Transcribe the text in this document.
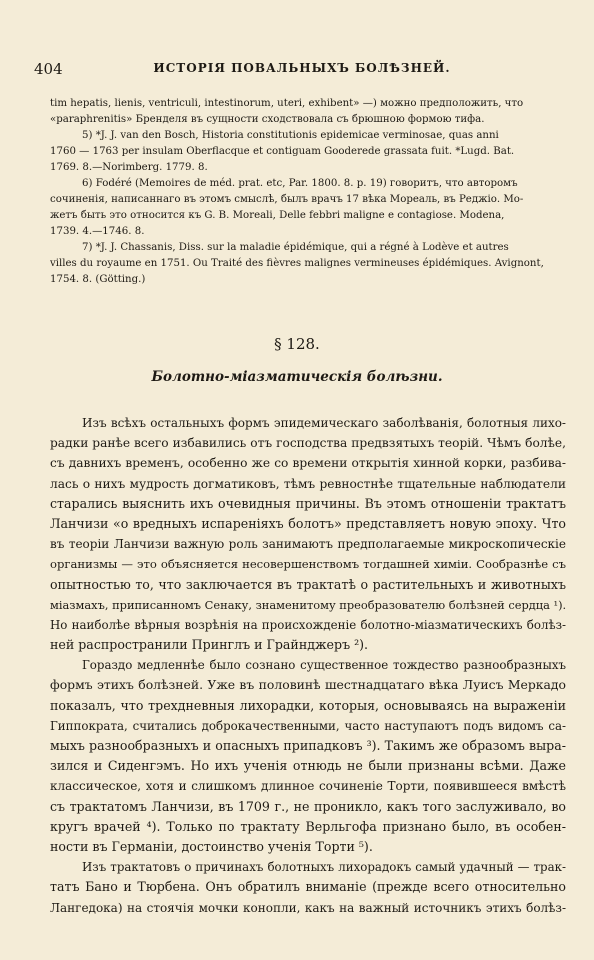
404	ИСТОРІЯ ПОВАЛЬНЫХЪ БОЛѢЗНЕЙ.
tim hepatis, lienis, ventriculi, intestinorum, uteri, exhibent» —) можно предположить, что
«paraphrenitis» Бренделя въ сущности сходствовала съ брюшною формою тифа.
5) *J. J. van den Bosch, Historia constitutionis epidemicae verminosae, quas anni
1760 — 1763 per insulam Oberflacque et contiguam Gooderede grassata fuit. *Lugd. Bat.
1769. 8.—Norimberg. 1779. 8.
6) Fodéré (Memoires de méd. prat. etc, Par. 1800. 8. p. 19) говоритъ, что авторомъ
сочиненія, написаннаго въ этомъ смыслѣ, былъ врачъ 17 вѣка Мореаль, въ Реджіо. Мо-
жетъ быть это относится къ G. B. Moreali, Delle febbri maligne e contagiose. Modena,
1739. 4.—1746. 8.
7) *J. J. Chassanis, Diss. sur la maladie épidémique, qui a régné à Lodève et autres
villes du royaume en 1751. Ou Traité des fièvres malignes vermineuses épidémiques. Avignont,
1754. 8. (Götting.)
§ 128.
Болотно-міазматическія болѣзни.
Изъ всѣхъ остальныхъ формъ эпидемическаго заболѣванія, болотныя лихо-
радки ранѣе всего избавились отъ господства предвзятыхъ теорій. Чѣмъ болѣе,
съ давнихъ временъ, особенно же со времени открытія хинной корки, разбива-
лась о нихъ мудрость догматиковъ, тѣмъ ревностнѣе тщательные наблюдатели
старались выяснить ихъ очевидныя причины. Въ этомъ отношеніи трактатъ
Ланчизи «о вредныхъ испареніяхъ болотъ» представляетъ новую эпоху. Что
въ теоріи Ланчизи важную роль занимаютъ предполагаемые микроскопическіе
организмы — это объясняется несовершенствомъ тогдашней химіи. Сообразнѣе съ
опытностью то, что заключается въ трактатѣ о растительныхъ и животныхъ
міазмахъ, приписанномъ Сенаку, знаменитому преобразователю болѣзней сердца ¹).
Но наиболѣе вѣрныя возрѣнія на происхожденіе болотно-міазматическихъ болѣз-
ней распространили Принглъ и Грайнджеръ ²).
Гораздо медленнѣе было сознано существенное тождество разнообразныхъ
формъ этихъ болѣзней. Уже въ половинѣ шестнадцатаго вѣка Луисъ Меркадо
показалъ, что трехдневныя лихорадки, которыя, основываясь на выраженіи
Гиппократа, считались доброкачественными, часто наступаютъ подъ видомъ са-
мыхъ разнообразныхъ и опасныхъ припадковъ ³). Такимъ же образомъ выра-
зился и Сиденгэмъ. Но ихъ ученія отнюдь не были признаны всѣми. Даже
классическое, хотя и слишкомъ длинное сочиненіе Торти, появившееся вмѣстѣ
съ трактатомъ Ланчизи, въ 1709 г., не проникло, какъ того заслуживало, во
кругъ врачей ⁴). Только по трактату Верльгофа признано было, въ особен-
ности въ Германіи, достоинство ученія Торти ⁵).
Изъ трактатовъ о причинахъ болотныхъ лихорадокъ самый удачный — трак-
татъ Бано и Тюрбена. Онъ обратилъ вниманіе (прежде всего относительно
Лангедока) на стоячія мочки конопли, какъ на важный источникъ этихъ болѣз-
